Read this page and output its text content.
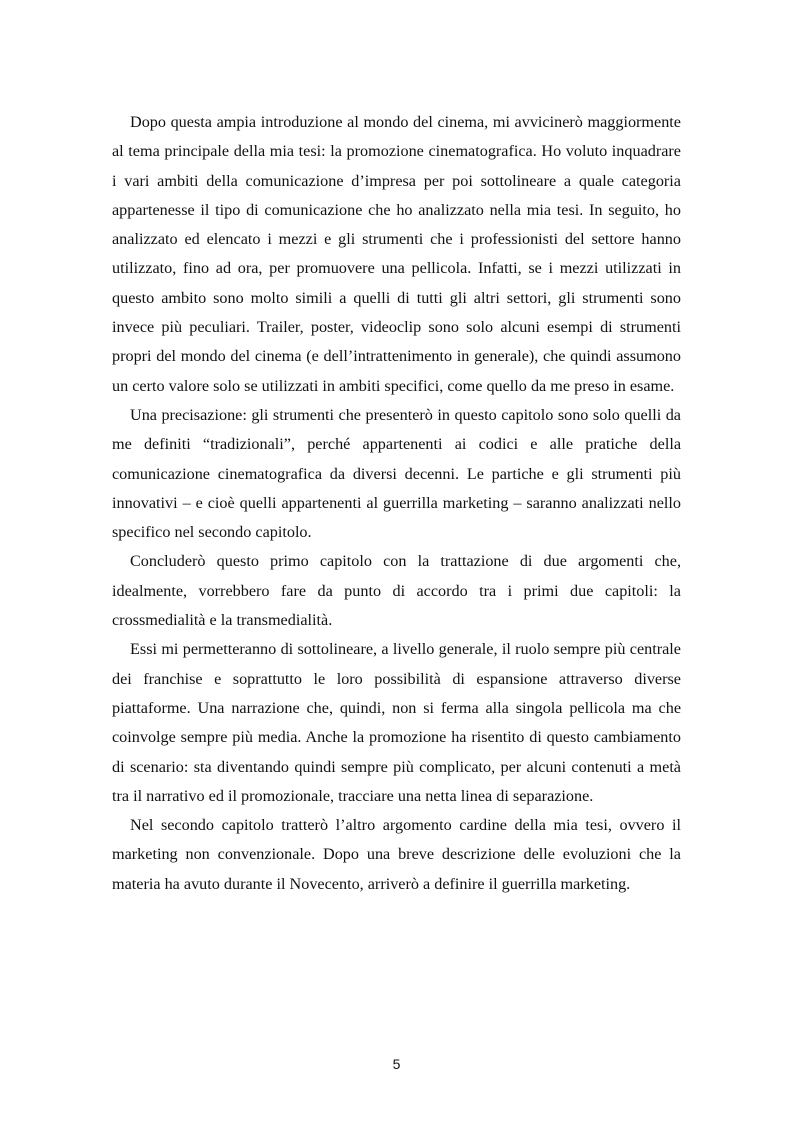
Dopo questa ampia introduzione al mondo del cinema, mi avvicinerò maggiormente al tema principale della mia tesi: la promozione cinematografica. Ho voluto inquadrare i vari ambiti della comunicazione d’impresa per poi sottolineare a quale categoria appartenesse il tipo di comunicazione che ho analizzato nella mia tesi. In seguito, ho analizzato ed elencato i mezzi e gli strumenti che i professionisti del settore hanno utilizzato, fino ad ora, per promuovere una pellicola. Infatti, se i mezzi utilizzati in questo ambito sono molto simili a quelli di tutti gli altri settori, gli strumenti sono invece più peculiari. Trailer, poster, videoclip sono solo alcuni esempi di strumenti propri del mondo del cinema (e dell’intrattenimento in generale), che quindi assumono un certo valore solo se utilizzati in ambiti specifici, come quello da me preso in esame.

Una precisazione: gli strumenti che presenterò in questo capitolo sono solo quelli da me definiti “tradizionali”, perché appartenenti ai codici e alle pratiche della comunicazione cinematografica da diversi decenni. Le partiche e gli strumenti più innovativi – e cioè quelli appartenenti al guerrilla marketing – saranno analizzati nello specifico nel secondo capitolo.

Concluderò questo primo capitolo con la trattazione di due argomenti che, idealmente, vorrebbero fare da punto di accordo tra i primi due capitoli: la crossmedialità e la transmedialità.

Essi mi permetteranno di sottolineare, a livello generale, il ruolo sempre più centrale dei franchise e soprattutto le loro possibilità di espansione attraverso diverse piattaforme. Una narrazione che, quindi, non si ferma alla singola pellicola ma che coinvolge sempre più media. Anche la promozione ha risentito di questo cambiamento di scenario: sta diventando quindi sempre più complicato, per alcuni contenuti a metà tra il narrativo ed il promozionale, tracciare una netta linea di separazione.

Nel secondo capitolo tratterò l’altro argomento cardine della mia tesi, ovvero il marketing non convenzionale. Dopo una breve descrizione delle evoluzioni che la materia ha avuto durante il Novecento, arriverò a definire il guerrilla marketing.

5
